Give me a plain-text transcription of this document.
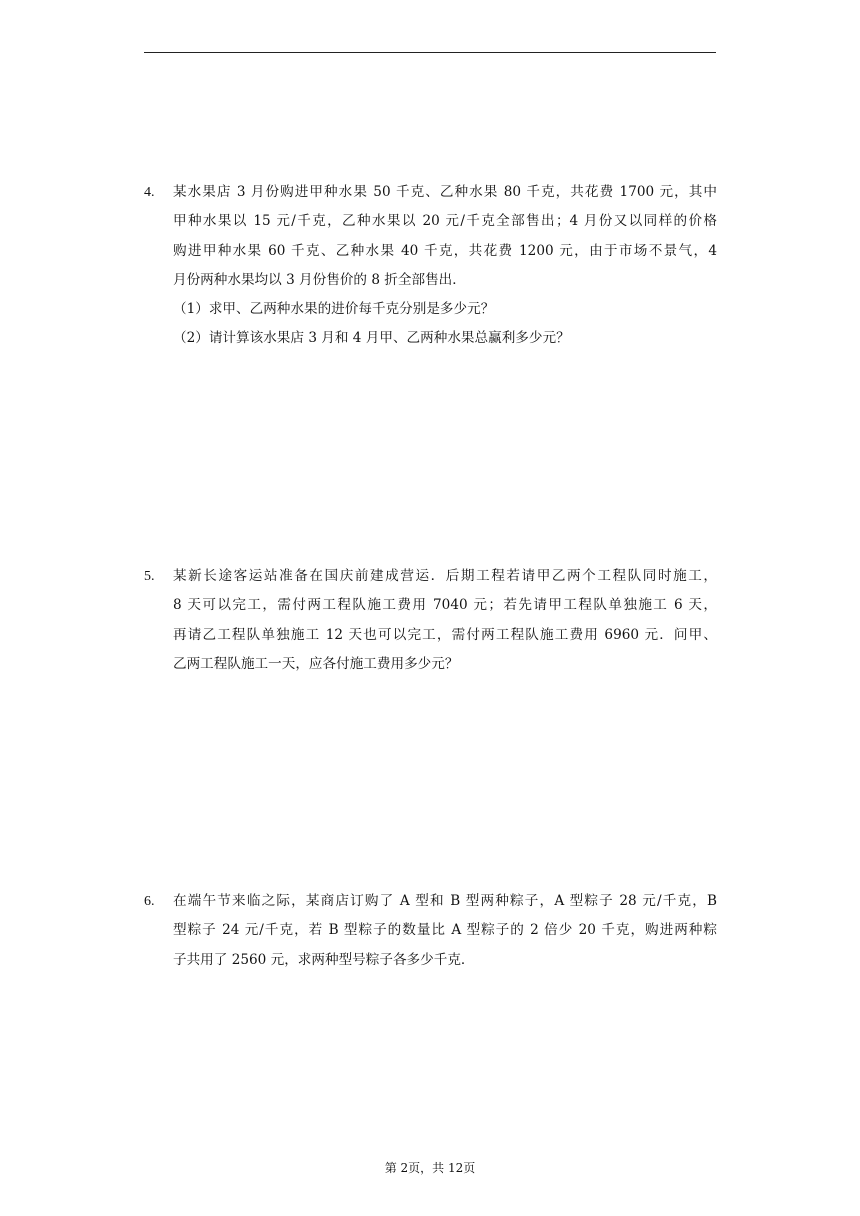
4.	某水果店 3 月份购进甲种水果 50 千克、乙种水果 80 千克，共花费 1700 元，其中
甲种水果以 15 元/千克，乙种水果以 20 元/千克全部售出；4 月份又以同样的价格
购进甲种水果 60 千克、乙种水果 40 千克，共花费 1200 元，由于市场不景气，4
月份两种水果均以 3 月份售价的 8 折全部售出．
（1）求甲、乙两种水果的进价每千克分别是多少元？
（2）请计算该水果店 3 月和 4 月甲、乙两种水果总赢利多少元？
5.	某新长途客运站准备在国庆前建成营运．后期工程若请甲乙两个工程队同时施工，
8 天可以完工，需付两工程队施工费用 7040 元；若先请甲工程队单独施工 6 天，
再请乙工程队单独施工 12 天也可以完工，需付两工程队施工费用 6960 元．问甲、
乙两工程队施工一天，应各付施工费用多少元？
6.	在端午节来临之际，某商店订购了 A 型和 B 型两种粽子，A 型粽子 28 元/千克，B
型粽子 24 元/千克，若 B 型粽子的数量比 A 型粽子的 2 倍少 20 千克，购进两种粽
子共用了 2560 元，求两种型号粽子各多少千克．
第 2页，共 12页
